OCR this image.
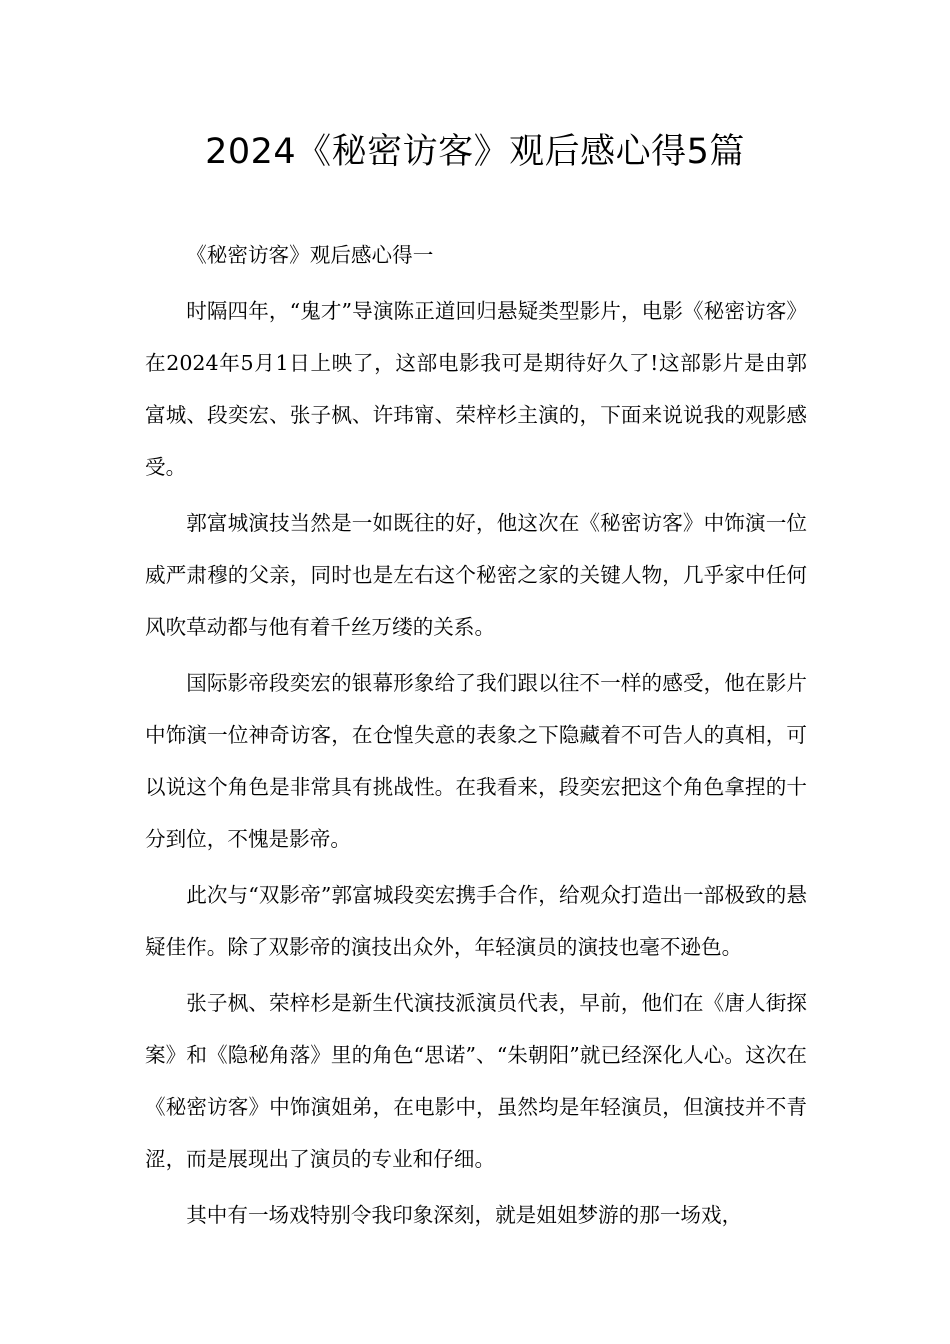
2024《秘密访客》观后感心得5篇

《秘密访客》观后感心得一

时隔四年，“鬼才”导演陈正道回归悬疑类型影片，电影《秘密访客》在2024年5月1日上映了，这部电影我可是期待好久了!这部影片是由郭富城、段奕宏、张子枫、许玮甯、荣梓杉主演的，下面来说说我的观影感受。

郭富城演技当然是一如既往的好，他这次在《秘密访客》中饰演一位威严肃穆的父亲，同时也是左右这个秘密之家的关键人物，几乎家中任何风吹草动都与他有着千丝万缕的关系。

国际影帝段奕宏的银幕形象给了我们跟以往不一样的感受，他在影片中饰演一位神奇访客，在仓惶失意的表象之下隐藏着不可告人的真相，可以说这个角色是非常具有挑战性。在我看来，段奕宏把这个角色拿捏的十分到位，不愧是影帝。

此次与“双影帝”郭富城段奕宏携手合作，给观众打造出一部极致的悬疑佳作。除了双影帝的演技出众外，年轻演员的演技也毫不逊色。

张子枫、荣梓杉是新生代演技派演员代表，早前，他们在《唐人街探案》和《隐秘角落》里的角色“思诺”、“朱朝阳”就已经深化人心。这次在《秘密访客》中饰演姐弟，在电影中，虽然均是年轻演员，但演技并不青涩，而是展现出了演员的专业和仔细。

其中有一场戏特别令我印象深刻，就是姐姐梦游的那一场戏，
